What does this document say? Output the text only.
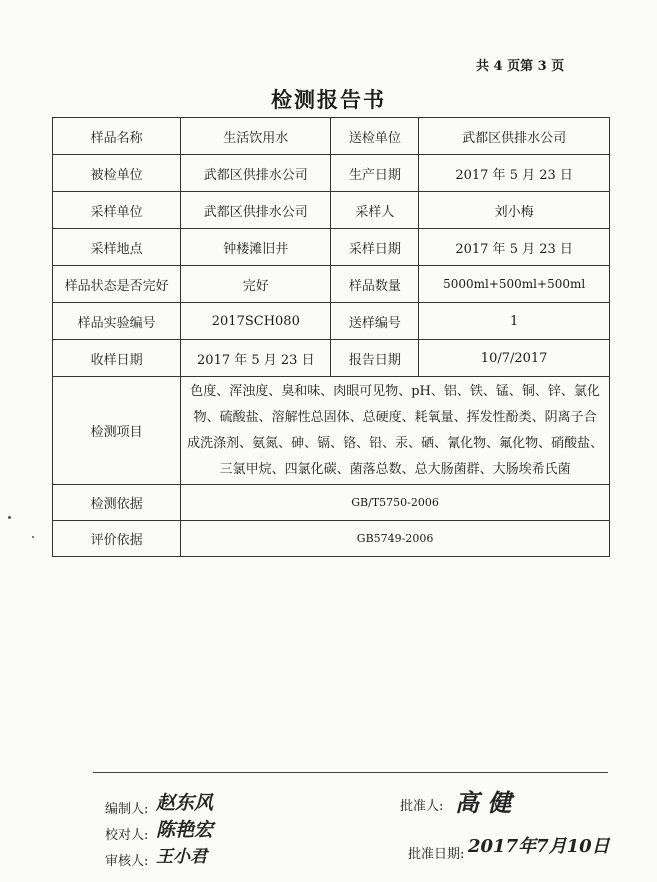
共 4 页第 3 页
检测报告书
样品名称	生活饮用水	送检单位	武都区供排水公司
被检单位	武都区供排水公司	生产日期	2017 年 5 月 23 日
采样单位	武都区供排水公司	采样人	刘小梅
采样地点	钟楼滩旧井	采样日期	2017 年 5 月 23 日
样品状态是否完好	完好	样品数量	5000ml+500ml+500ml
样品实验编号	2017SCH080	送样编号	1
收样日期	2017 年 5 月 23 日	报告日期	10/7/2017
检测项目	色度、浑浊度、臭和味、肉眼可见物、pH、铝、铁、锰、铜、锌、氯化
物、硫酸盐、溶解性总固体、总硬度、耗氧量、挥发性酚类、阴离子合
成洗涤剂、氨氮、砷、镉、铬、铅、汞、硒、氰化物、氟化物、硝酸盐、
三氯甲烷、四氯化碳、菌落总数、总大肠菌群、大肠埃希氏菌		

检测依据	GB/T5750-2006		
评价依据	GB5749-2006		
编制人: 赵东风
校对人: 陈艳宏
审核人: 王小君
批准人: 高 健
批准日期: 2017年7月10日
